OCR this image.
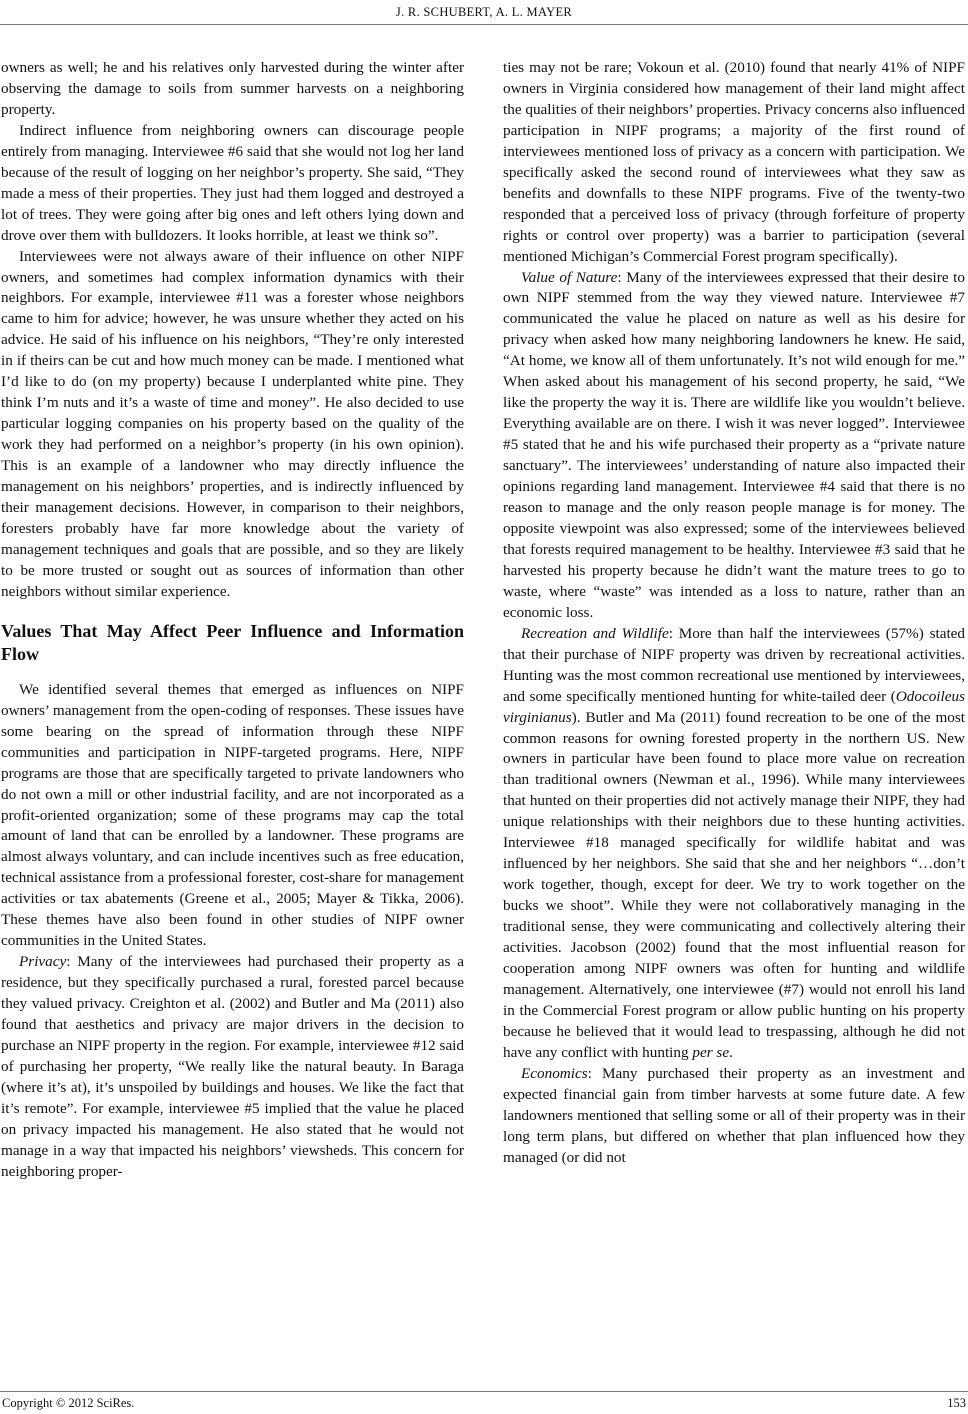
J. R. SCHUBERT, A. L. MAYER

owners as well; he and his relatives only harvested during the winter after observing the damage to soils from summer harvests on a neighboring property.

Indirect influence from neighboring owners can discourage people entirely from managing. Interviewee #6 said that she would not log her land because of the result of logging on her neighbor’s property. She said, “They made a mess of their properties. They just had them logged and destroyed a lot of trees. They were going after big ones and left others lying down and drove over them with bulldozers. It looks horrible, at least we think so”.

Interviewees were not always aware of their influence on other NIPF owners, and sometimes had complex information dynamics with their neighbors. For example, interviewee #11 was a forester whose neighbors came to him for advice; however, he was unsure whether they acted on his advice. He said of his influence on his neighbors, “They’re only interested in if theirs can be cut and how much money can be made. I mentioned what I’d like to do (on my property) because I underplanted white pine. They think I’m nuts and it’s a waste of time and money”. He also decided to use particular logging companies on his property based on the quality of the work they had performed on a neighbor’s property (in his own opinion). This is an example of a landowner who may directly influence the management on his neighbors’ properties, and is indirectly influenced by their management decisions. However, in comparison to their neighbors, foresters probably have far more knowledge about the variety of management techniques and goals that are possible, and so they are likely to be more trusted or sought out as sources of information than other neighbors without similar experience.

Values That May Affect Peer Influence and Information Flow

We identified several themes that emerged as influences on NIPF owners’ management from the open-coding of responses. These issues have some bearing on the spread of information through these NIPF communities and participation in NIPF-targeted programs. Here, NIPF programs are those that are specifically targeted to private landowners who do not own a mill or other industrial facility, and are not incorporated as a profit-oriented organization; some of these programs may cap the total amount of land that can be enrolled by a landowner. These programs are almost always voluntary, and can include incentives such as free education, technical assistance from a professional forester, cost-share for management activities or tax abatements (Greene et al., 2005; Mayer & Tikka, 2006). These themes have also been found in other studies of NIPF owner communities in the United States.

Privacy: Many of the interviewees had purchased their property as a residence, but they specifically purchased a rural, forested parcel because they valued privacy. Creighton et al. (2002) and Butler and Ma (2011) also found that aesthetics and privacy are major drivers in the decision to purchase an NIPF property in the region. For example, interviewee #12 said of purchasing her property, “We really like the natural beauty. In Baraga (where it’s at), it’s unspoiled by buildings and houses. We like the fact that it’s remote”. For example, interviewee #5 implied that the value he placed on privacy impacted his management. He also stated that he would not manage in a way that impacted his neighbors’ viewsheds. This concern for neighboring proper-

ties may not be rare; Vokoun et al. (2010) found that nearly 41% of NIPF owners in Virginia considered how management of their land might affect the qualities of their neighbors’ properties. Privacy concerns also influenced participation in NIPF programs; a majority of the first round of interviewees mentioned loss of privacy as a concern with participation. We specifically asked the second round of interviewees what they saw as benefits and downfalls to these NIPF programs. Five of the twenty-two responded that a perceived loss of privacy (through forfeiture of property rights or control over property) was a barrier to participation (several mentioned Michigan’s Commercial Forest program specifically).

Value of Nature: Many of the interviewees expressed that their desire to own NIPF stemmed from the way they viewed nature. Interviewee #7 communicated the value he placed on nature as well as his desire for privacy when asked how many neighboring landowners he knew. He said, “At home, we know all of them unfortunately. It’s not wild enough for me.” When asked about his management of his second property, he said, “We like the property the way it is. There are wildlife like you wouldn’t believe. Everything available are on there. I wish it was never logged”. Interviewee #5 stated that he and his wife purchased their property as a “private nature sanctuary”. The interviewees’ understanding of nature also impacted their opinions regarding land management. Interviewee #4 said that there is no reason to manage and the only reason people manage is for money. The opposite viewpoint was also expressed; some of the interviewees believed that forests required management to be healthy. Interviewee #3 said that he harvested his property because he didn’t want the mature trees to go to waste, where “waste” was intended as a loss to nature, rather than an economic loss.

Recreation and Wildlife: More than half the interviewees (57%) stated that their purchase of NIPF property was driven by recreational activities. Hunting was the most common recreational use mentioned by interviewees, and some specifically mentioned hunting for white-tailed deer (Odocoileus virginianus). Butler and Ma (2011) found recreation to be one of the most common reasons for owning forested property in the northern US. New owners in particular have been found to place more value on recreation than traditional owners (Newman et al., 1996). While many interviewees that hunted on their properties did not actively manage their NIPF, they had unique relationships with their neighbors due to these hunting activities. Interviewee #18 managed specifically for wildlife habitat and was influenced by her neighbors. She said that she and her neighbors “…don’t work together, though, except for deer. We try to work together on the bucks we shoot”. While they were not collaboratively managing in the traditional sense, they were communicating and collectively altering their activities. Jacobson (2002) found that the most influential reason for cooperation among NIPF owners was often for hunting and wildlife management. Alternatively, one interviewee (#7) would not enroll his land in the Commercial Forest program or allow public hunting on his property because he believed that it would lead to trespassing, although he did not have any conflict with hunting per se.

Economics: Many purchased their property as an investment and expected financial gain from timber harvests at some future date. A few landowners mentioned that selling some or all of their property was in their long term plans, but differed on whether that plan influenced how they managed (or did not

Copyright © 2012 SciRes.	153
